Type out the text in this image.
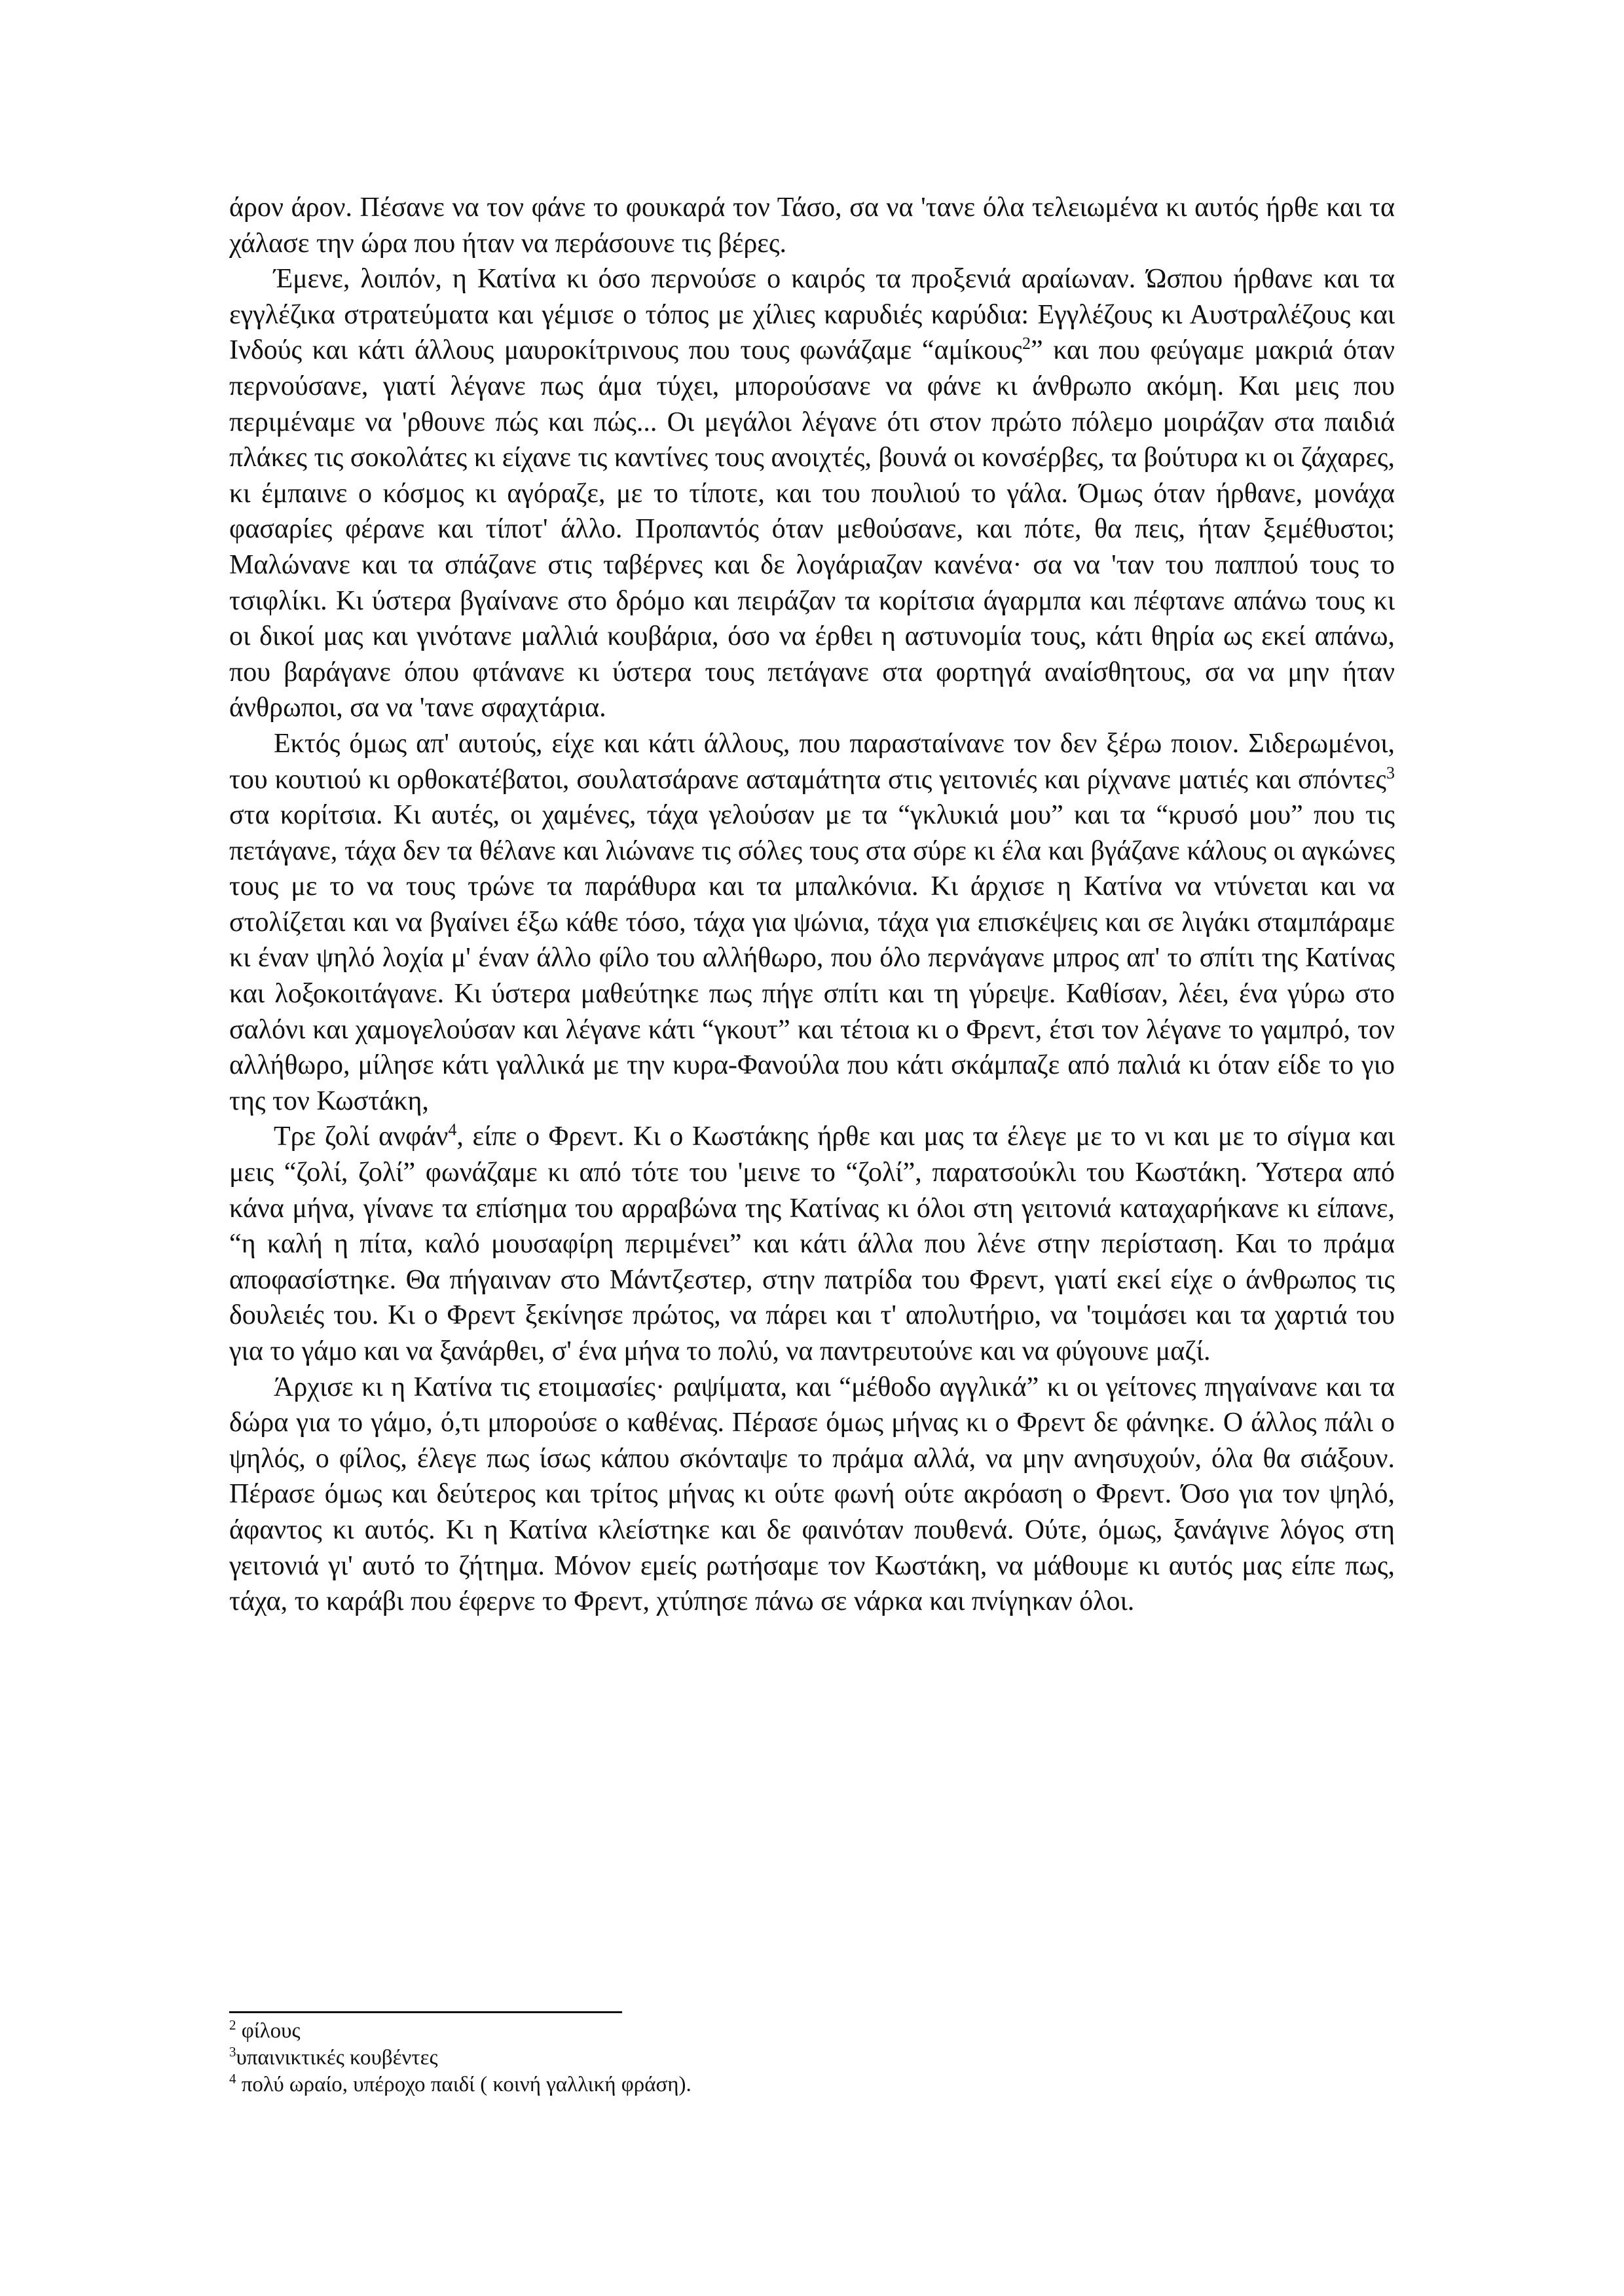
άρον άρον. Πέσανε να τον φάνε το φουκαρά τον Τάσο, σα να 'τανε όλα τελειωμένα κι αυτός ήρθε και τα χάλασε την ώρα που ήταν να περάσουνε τις βέρες.

Έμενε, λοιπόν, η Κατίνα κι όσο περνούσε ο καιρός τα προξενιά αραίωναν. Ώσπου ήρθανε και τα εγγλέζικα στρατεύματα και γέμισε ο τόπος με χίλιες καρυδιές καρύδια: Εγγλέζους κι Αυστραλέζους και Ινδούς και κάτι άλλους μαυροκίτρινους που τους φωνάζαμε “αμίκους$^2$” και που φεύγαμε μακριά όταν περνούσανε, γιατί λέγανε πως άμα τύχει, μπορούσανε να φάνε κι άνθρωπο ακόμη. Και μεις που περιμέναμε να 'ρθουνε πώς και πώς... Οι μεγάλοι λέγανε ότι στον πρώτο πόλεμο μοιράζαν στα παιδιά πλάκες τις σοκολάτες κι είχανε τις καντίνες τους ανοιχτές, βουνά οι κονσέρβες, τα βούτυρα κι οι ζάχαρες, κι έμπαινε ο κόσμος κι αγόραζε, με το τίποτε, και του πουλιού το γάλα. Όμως όταν ήρθανε, μονάχα φασαρίες φέρανε και τίποτ' άλλο. Προπαντός όταν μεθούσανε, και πότε, θα πεις, ήταν ξεμέθυστοι; Μαλώνανε και τα σπάζανε στις ταβέρνες και δε λογάριαζαν κανένα· σα να 'ταν του παππού τους το τσιφλίκι. Κι ύστερα βγαίνανε στο δρόμο και πειράζαν τα κορίτσια άγαρμπα και πέφτανε απάνω τους κι οι δικοί μας και γινότανε μαλλιά κουβάρια, όσο να έρθει η αστυνομία τους, κάτι θηρία ως εκεί απάνω, που βαράγανε όπου φτάνανε κι ύστερα τους πετάγανε στα φορτηγά αναίσθητους, σα να μην ήταν άνθρωποι, σα να 'τανε σφαχτάρια.

Εκτός όμως απ' αυτούς, είχε και κάτι άλλους, που παρασταίνανε τον δεν ξέρω ποιον. Σιδερωμένοι, του κουτιού κι ορθοκατέβατοι, σουλατσάρανε ασταμάτητα στις γειτονιές και ρίχνανε ματιές και σπόντες$^3$ στα κορίτσια. Κι αυτές, οι χαμένες, τάχα γελούσαν με τα “γκλυκιά μου” και τα “κρυσό μου” που τις πετάγανε, τάχα δεν τα θέλανε και λιώνανε τις σόλες τους στα σύρε κι έλα και βγάζανε κάλους οι αγκώνες τους με το να τους τρώνε τα παράθυρα και τα μπαλκόνια. Κι άρχισε η Κατίνα να ντύνεται και να στολίζεται και να βγαίνει έξω κάθε τόσο, τάχα για ψώνια, τάχα για επισκέψεις και σε λιγάκι σταμπάραμε κι έναν ψηλό λοχία μ' έναν άλλο φίλο του αλλήθωρο, που όλο περνάγανε μπρος απ' το σπίτι της Κατίνας και λοξοκοιτάγανε. Κι ύστερα μαθεύτηκε πως πήγε σπίτι και τη γύρεψε. Καθίσαν, λέει, ένα γύρω στο σαλόνι και χαμογελούσαν και λέγανε κάτι “γκουτ” και τέτοια κι ο Φρεντ, έτσι τον λέγανε το γαμπρό, τον αλλήθωρο, μίλησε κάτι γαλλικά με την κυρα-Φανούλα που κάτι σκάμπαζε από παλιά κι όταν είδε το γιο της τον Κωστάκη,

Τρε ζολί ανφάν$^4$, είπε ο Φρεντ. Κι ο Κωστάκης ήρθε και μας τα έλεγε με το νι και με το σίγμα και μεις “ζολί, ζολί” φωνάζαμε κι από τότε του 'μεινε το “ζολί”, παρατσούκλι του Κωστάκη. Ύστερα από κάνα μήνα, γίνανε τα επίσημα του αρραβώνα της Κατίνας κι όλοι στη γειτονιά καταχαρήκανε κι είπανε, “η καλή η πίτα, καλό μουσαφίρη περιμένει” και κάτι άλλα που λένε στην περίσταση. Και το πράμα αποφασίστηκε. Θα πήγαιναν στο Μάντζεστερ, στην πατρίδα του Φρεντ, γιατί εκεί είχε ο άνθρωπος τις δουλειές του. Κι ο Φρεντ ξεκίνησε πρώτος, να πάρει και τ' απολυτήριο, να 'τοιμάσει και τα χαρτιά του για το γάμο και να ξανάρθει, σ' ένα μήνα το πολύ, να παντρευτούνε και να φύγουνε μαζί.

Άρχισε κι η Κατίνα τις ετοιμασίες· ραψίματα, και “μέθοδο αγγλικά” κι οι γείτονες πηγαίνανε και τα δώρα για το γάμο, ό,τι μπορούσε ο καθένας. Πέρασε όμως μήνας κι ο Φρεντ δε φάνηκε. Ο άλλος πάλι ο ψηλός, ο φίλος, έλεγε πως ίσως κάπου σκόνταψε το πράμα αλλά, να μην ανησυχούν, όλα θα σιάξουν. Πέρασε όμως και δεύτερος και τρίτος μήνας κι ούτε φωνή ούτε ακρόαση ο Φρεντ. Όσο για τον ψηλό, άφαντος κι αυτός. Κι η Κατίνα κλείστηκε και δε φαινόταν πουθενά. Ούτε, όμως, ξανάγινε λόγος στη γειτονιά γι' αυτό το ζήτημα. Μόνον εμείς ρωτήσαμε τον Κωστάκη, να μάθουμε κι αυτός μας είπε πως, τάχα, το καράβι που έφερνε το Φρεντ, χτύπησε πάνω σε νάρκα και πνίγηκαν όλοι.

$^2$ φίλους

$^3$υπαινικτικές κουβέντες

$^4$ πολύ ωραίο, υπέροχο παιδί ( κοινή γαλλική φράση).
